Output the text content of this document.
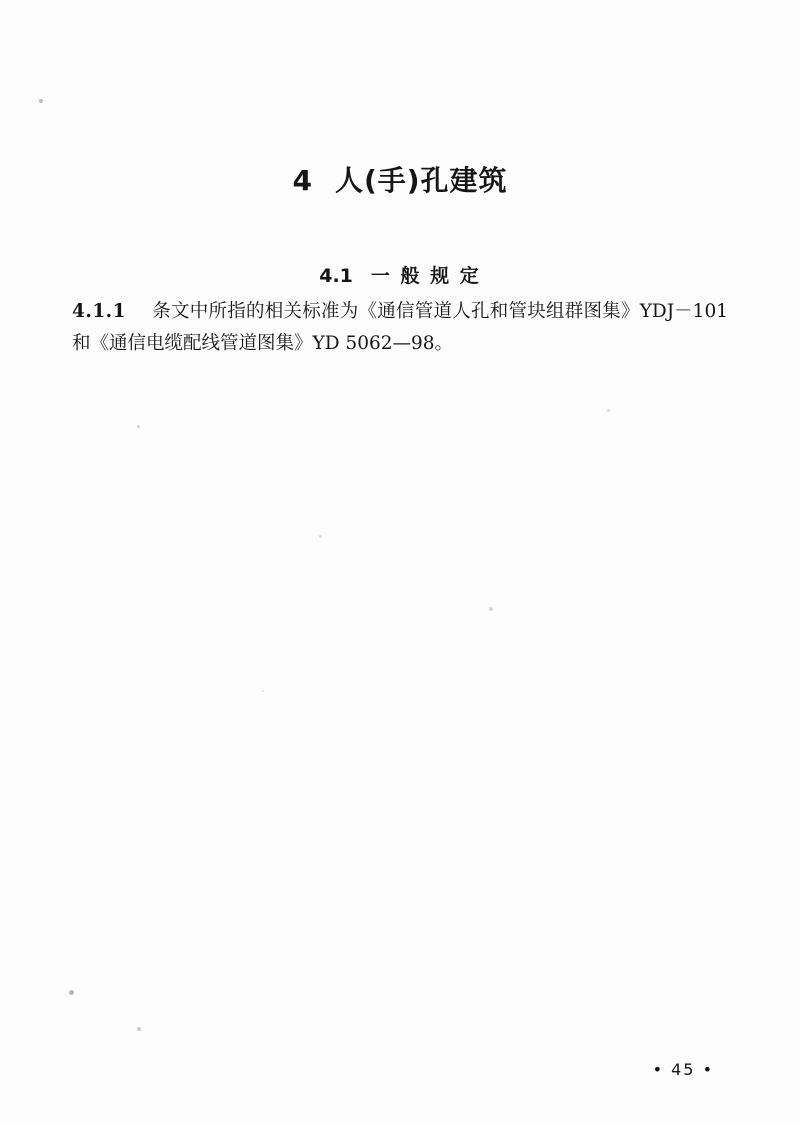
4 人(手)孔建筑
4.1 一 般 规 定
4.1.1 条文中所指的相关标准为《通信管道人孔和管块组群图集》YDJ－101和《通信电缆配线管道图集》YD 5062—98。
• 45 •
